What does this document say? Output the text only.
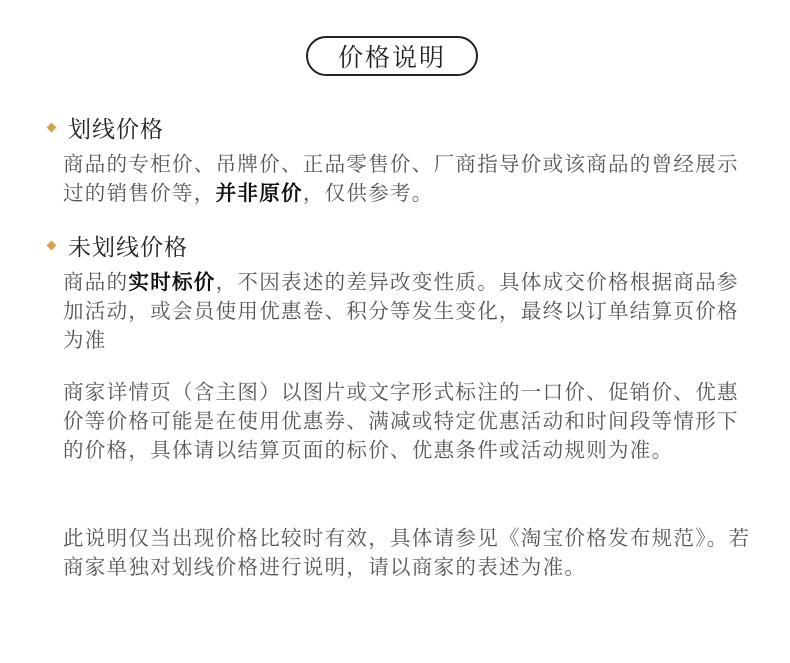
价格说明
划线价格

商品的专柜价、吊牌价、正品零售价、厂商指导价或该商品的曾经展示过的销售价等，并非原价，仅供参考。

未划线价格

商品的实时标价，不因表述的差异改变性质。具体成交价格根据商品参加活动，或会员使用优惠卷、积分等发生变化，最终以订单结算页价格为准

商家详情页（含主图）以图片或文字形式标注的一口价、促销价、优惠价等价格可能是在使用优惠券、满减或特定优惠活动和时间段等情形下的价格，具体请以结算页面的标价、优惠条件或活动规则为准。

此说明仅当出现价格比较时有效，具体请参见《淘宝价格发布规范》。若商家单独对划线价格进行说明，请以商家的表述为准。
